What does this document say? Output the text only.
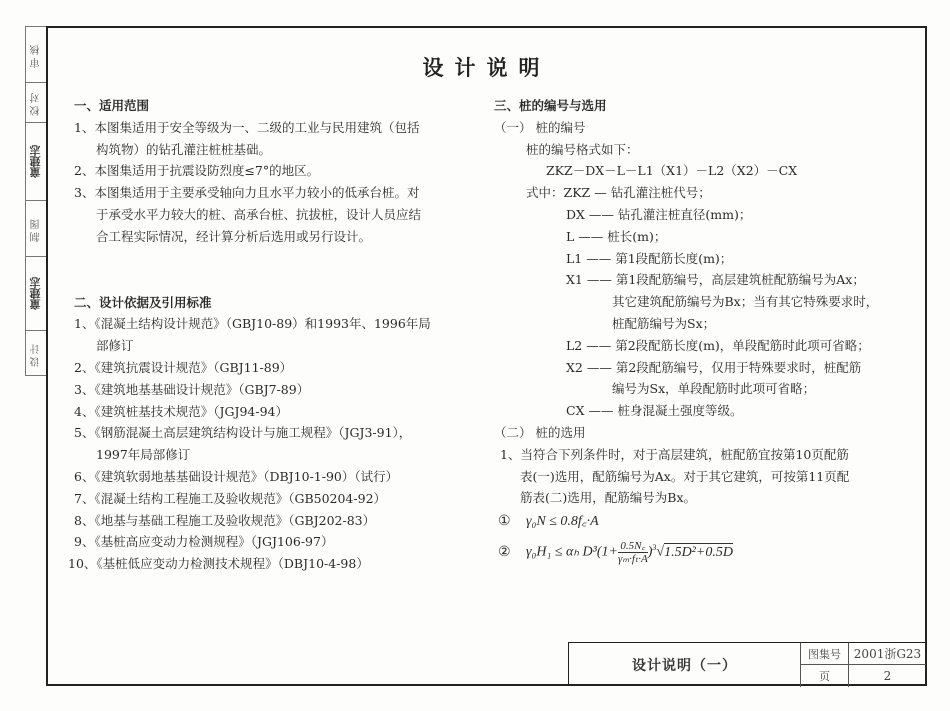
审核
校对
童建志
制图
童建志
设计
设计说明
一、适用范围
1、本图集适用于安全等级为一、二级的工业与民用建筑（包括
构筑物）的钻孔灌注桩桩基础。
2、本图集适用于抗震设防烈度≤7°的地区。
3、本图集适用于主要承受轴向力且水平力较小的低承台桩。对
于承受水平力较大的桩、高承台桩、抗拔桩，设计人员应结
合工程实际情况，经计算分析后选用或另行设计。
二、设计依据及引用标准
1、《混凝土结构设计规范》（GBJ10-89）和1993年、1996年局
部修订
2、《建筑抗震设计规范》（GBJ11-89）
3、《建筑地基基础设计规范》（GBJ7-89）
4、《建筑桩基技术规范》（JGJ94-94）
5、《钢筋混凝土高层建筑结构设计与施工规程》（JGJ3-91），
1997年局部修订
6、《建筑软弱地基基础设计规范》（DBJ10-1-90）（试行）
7、《混凝土结构工程施工及验收规范》（GB50204-92）
8、《地基与基础工程施工及验收规范》（GBJ202-83）
9、《基桩高应变动力检测规程》（JGJ106-97）
10、《基桩低应变动力检测技术规程》（DBJ10-4-98）
三、桩的编号与选用
（一） 桩的编号
桩的编号格式如下：
ZKZ－DX－L－L1（X1）－L2（X2）－CX
式中：ZKZ — 钻孔灌注桩代号；
DX —— 钻孔灌注桩直径(mm)；
L —— 桩长(m)；
L1 —— 第1段配筋长度(m)；
X1 —— 第1段配筋编号，高层建筑桩配筋编号为Ax；
其它建筑配筋编号为Bx；当有其它特殊要求时，
桩配筋编号为Sx；
L2 —— 第2段配筋长度(m)，单段配筋时此项可省略；
X2 —— 第2段配筋编号，仅用于特殊要求时，桩配筋
编号为Sx，单段配筋时此项可省略；
CX —— 桩身混凝土强度等级。
（二） 桩的选用
1、当符合下列条件时，对于高层建筑，桩配筋宜按第10页配筋
表(一)选用，配筋编号为Ax。对于其它建筑，可按第11页配
筋表(二)选用，配筋编号为Bx。
① γ₀N ≤ 0.8f꜀·A
② γ₀H₁ ≤ αₕ $D^3(1+ \frac{0.5N꜀}{\text{γₘ·fₜ·A}} )^3√1.5D^2+0.5D$
设计说明（一）
图集号	2001浙G23
页	2
